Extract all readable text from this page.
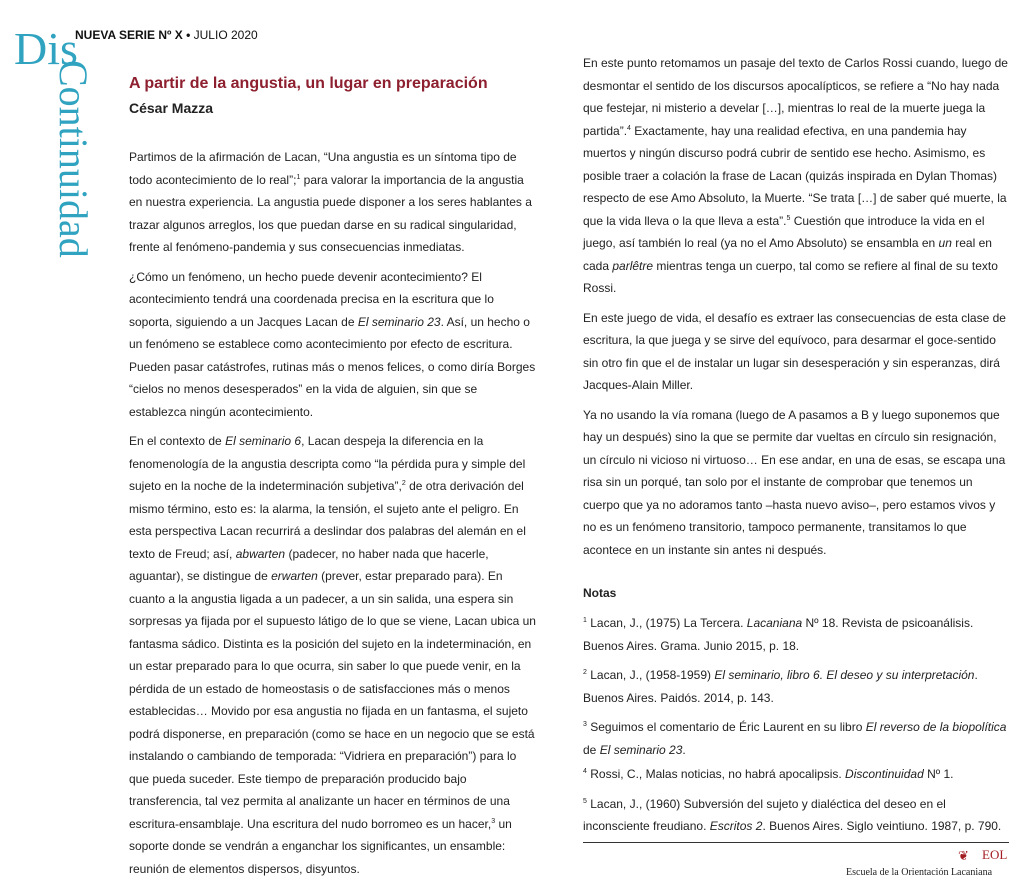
Dis
Continuidad
NUEVA SERIE Nº X • JULIO 2020
A partir de la angustia, un lugar en preparación
César Mazza

Partimos de la afirmación de Lacan, “Una angustia es un síntoma tipo de todo acontecimiento de lo real”;$^1$ para valorar la importancia de la angustia en nuestra experiencia. La angustia puede disponer a los seres hablantes a trazar algunos arreglos, los que puedan darse en su radical singularidad, frente al fenómeno-pandemia y sus consecuencias inmediatas.

¿Cómo un fenómeno, un hecho puede devenir acontecimiento? El acontecimiento tendrá una coordenada precisa en la escritura que lo soporta, siguiendo a un Jacques Lacan de El seminario 23. Así, un hecho o un fenómeno se establece como acontecimiento por efecto de escritura. Pueden pasar catástrofes, rutinas más o menos felices, o como diría Borges “cielos no menos desesperados” en la vida de alguien, sin que se establezca ningún acontecimiento.

En el contexto de El seminario 6, Lacan despeja la diferencia en la fenomenología de la angustia descripta como “la pérdida pura y simple del sujeto en la noche de la indeterminación subjetiva”,$^2$ de otra derivación del mismo término, esto es: la alarma, la tensión, el sujeto ante el peligro. En esta perspectiva Lacan recurrirá a deslindar dos palabras del alemán en el texto de Freud; así, abwarten (padecer, no haber nada que hacerle, aguantar), se distingue de erwarten (prever, estar preparado para). En cuanto a la angustia ligada a un padecer, a un sin salida, una espera sin sorpresas ya fijada por el supuesto látigo de lo que se viene, Lacan ubica un fantasma sádico. Distinta es la posición del sujeto en la indeterminación, en un estar preparado para lo que ocurra, sin saber lo que puede venir, en la pérdida de un estado de homeostasis o de satisfacciones más o menos establecidas… Movido por esa angustia no fijada en un fantasma, el sujeto podrá disponerse, en preparación (como se hace en un negocio que se está instalando o cambiando de temporada: “Vidriera en preparación”) para lo que pueda suceder. Este tiempo de preparación producido bajo transferencia, tal vez permita al analizante un hacer en términos de una escritura-ensamblaje. Una escritura del nudo borromeo es un hacer,$^3$ un soporte donde se vendrán a enganchar los significantes, un ensamble: reunión de elementos dispersos, disyuntos.

En este punto retomamos un pasaje del texto de Carlos Rossi cuando, luego de desmontar el sentido de los discursos apocalípticos, se refiere a “No hay nada que festejar, ni misterio a develar […], mientras lo real de la muerte juega la partida”.$^4$ Exactamente, hay una realidad efectiva, en una pandemia hay muertos y ningún discurso podrá cubrir de sentido ese hecho. Asimismo, es posible traer a colación la frase de Lacan (quizás inspirada en Dylan Thomas) respecto de ese Amo Absoluto, la Muerte. “Se trata […] de saber qué muerte, la que la vida lleva o la que lleva a esta”.$^5$ Cuestión que introduce la vida en el juego, así también lo real (ya no el Amo Absoluto) se ensambla en un real en cada parlêtre mientras tenga un cuerpo, tal como se refiere al final de su texto Rossi.

En este juego de vida, el desafío es extraer las consecuencias de esta clase de escritura, la que juega y se sirve del equívoco, para desarmar el goce-sentido sin otro fin que el de instalar un lugar sin desesperación y sin esperanzas, dirá Jacques-Alain Miller.

Ya no usando la vía romana (luego de A pasamos a B y luego suponemos que hay un después) sino la que se permite dar vueltas en círculo sin resignación, un círculo ni vicioso ni virtuoso… En ese andar, en una de esas, se escapa una risa sin un porqué, tan solo por el instante de comprobar que tenemos un cuerpo que ya no adoramos tanto –hasta nuevo aviso–, pero estamos vivos y no es un fenómeno transitorio, tampoco permanente, transitamos lo que acontece en un instante sin antes ni después.

Notas
$^1$ Lacan, J., (1975) La Tercera. Lacaniana Nº 18. Revista de psicoanálisis. Buenos Aires. Grama. Junio 2015, p. 18.
$^2$ Lacan, J., (1958-1959) El seminario, libro 6. El deseo y su interpretación. Buenos Aires. Paidós. 2014, p. 143.
$^3$ Seguimos el comentario de Éric Laurent en su libro El reverso de la biopolítica de El seminario 23.
$^4$ Rossi, C., Malas noticias, no habrá apocalipsis. Discontinuidad Nº 1.
$^5$ Lacan, J., (1960) Subversión del sujeto y dialéctica del deseo en el inconsciente freudiano. Escritos 2. Buenos Aires. Siglo veintiuno. 1987, p. 790.
❦ EOL
Escuela de la Orientación Lacaniana
